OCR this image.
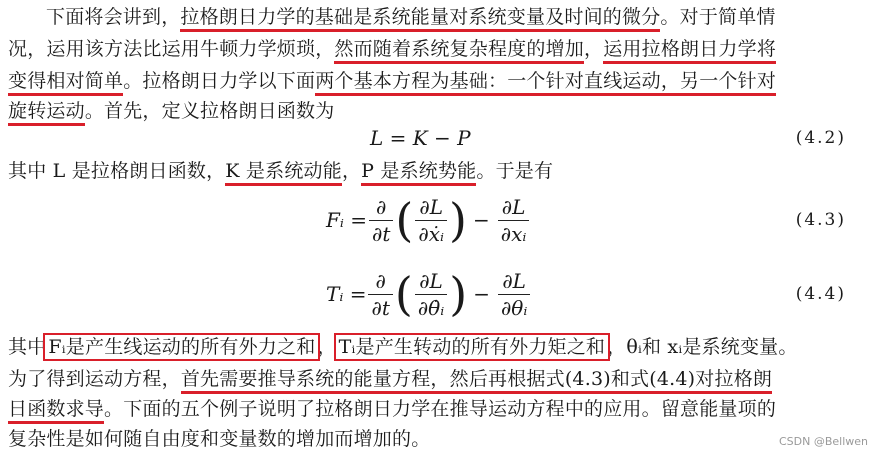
下面将会讲到，拉格朗日力学的基础是系统能量对系统变量及时间的微分。对于简单情
况，运用该方法比运用牛顿力学烦琐，然而随着系统复杂程度的增加，运用拉格朗日力学将
变得相对简单。拉格朗日力学以下面两个基本方程为基础：一个针对直线运动，另一个针对
旋转运动。首先，定义拉格朗日函数为
L = K − P	(4.2)
其中 L 是拉格朗日函数，K 是系统动能，P 是系统势能。于是有
Fᵢ = $\frac{\partial}{\partial t}$ ( $\frac{\partial L}{\text{∂ẋᵢ}}$ ) − $\frac{\partial L}{\text{∂xᵢ}}$	(4.3)
Tᵢ = $\frac{\partial}{\partial t}$ ( $\frac{\partial L}{\text{∂θ̇ᵢ}}$ ) − $\frac{\partial L}{\text{∂θᵢ}}$	(4.4)
其中 Fᵢ是产生线运动的所有外力之和 ， Tᵢ是产生转动的所有外力矩之和 ，θᵢ和 xᵢ是系统变量。
为了得到运动方程，首先需要推导系统的能量方程，然后再根据式(4.3)和式(4.4)对拉格朗
日函数求导。下面的五个例子说明了拉格朗日力学在推导运动方程中的应用。留意能量项的
复杂性是如何随自由度和变量数的增加而增加的。	CSDN @Bellwen
